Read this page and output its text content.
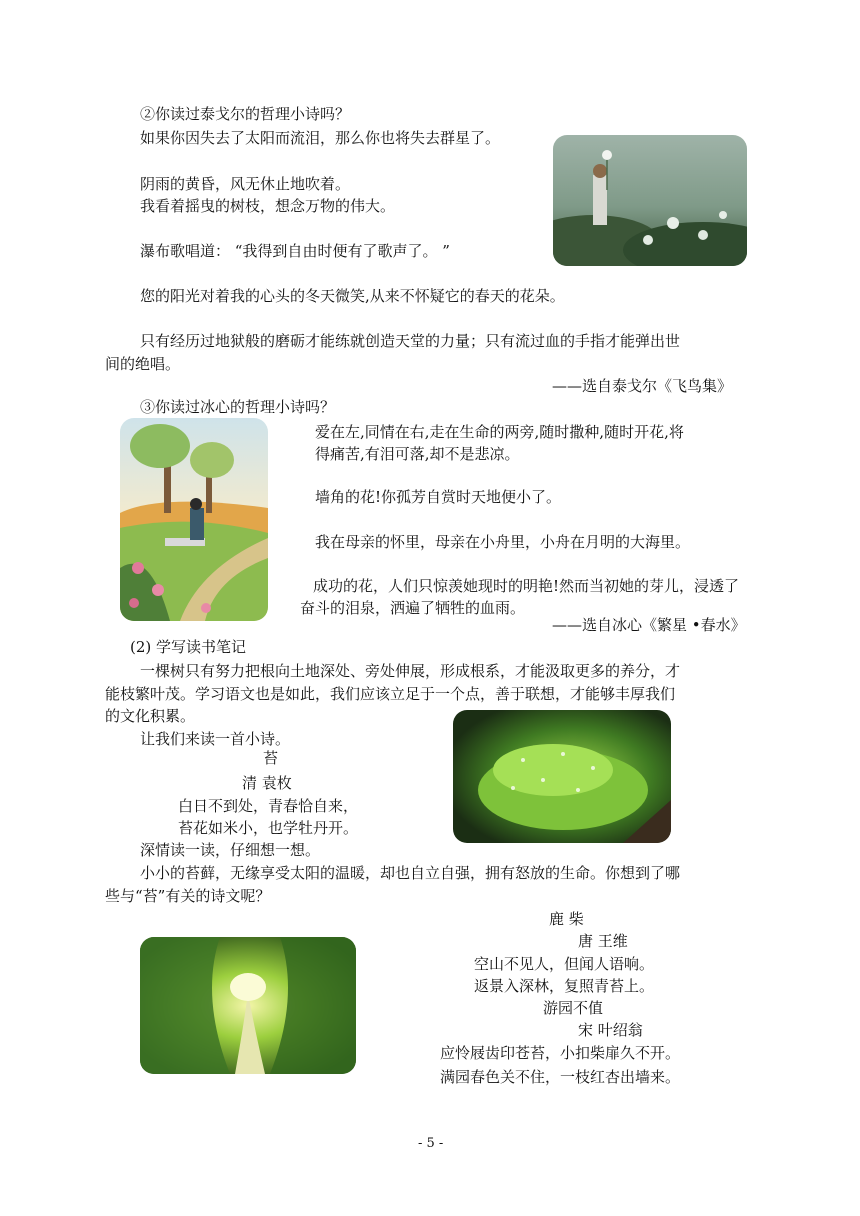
②你读过泰戈尔的哲理小诗吗？
如果你因失去了太阳而流泪，那么你也将失去群星了。
阴雨的黄昏，风无休止地吹着。
我看着摇曳的树枝，想念万物的伟大。
瀑布歌唱道： “我得到自由时便有了歌声了。 ”
您的阳光对着我的心头的冬天微笑,从来不怀疑它的春天的花朵。
只有经历过地狱般的磨砺才能练就创造天堂的力量；只有流过血的手指才能弹出世
间的绝唱。
——选自泰戈尔《飞鸟集》
③你读过冰心的哲理小诗吗？
爱在左,同情在右,走在生命的两旁,随时撒种,随时开花,将
得痛苦,有泪可落,却不是悲凉。
墙角的花!你孤芳自赏时天地便小了。
我在母亲的怀里，母亲在小舟里，小舟在月明的大海里。
成功的花，人们只惊羡她现时的明艳!然而当初她的芽儿，浸透了
奋斗的泪泉，洒遍了牺牲的血雨。
——选自冰心《繁星 •春水》
(2) 学写读书笔记
一棵树只有努力把根向土地深处、旁处伸展，形成根系，才能汲取更多的养分，才
能枝繁叶茂。学习语文也是如此，我们应该立足于一个点，善于联想，才能够丰厚我们
的文化积累。
让我们来读一首小诗。
苔
清 袁枚
白日不到处，青春恰自来，
苔花如米小，也学牡丹开。
深情读一读，仔细想一想。
小小的苔藓，无缘享受太阳的温暖，却也自立自强，拥有怒放的生命。你想到了哪
些与“苔”有关的诗文呢？
鹿 柴
唐 王维
空山不见人，但闻人语响。
返景入深林，复照青苔上。
游园不值
宋 叶绍翁
应怜屐齿印苍苔，小扣柴扉久不开。
满园春色关不住，一枝红杏出墙来。
- 5 -
